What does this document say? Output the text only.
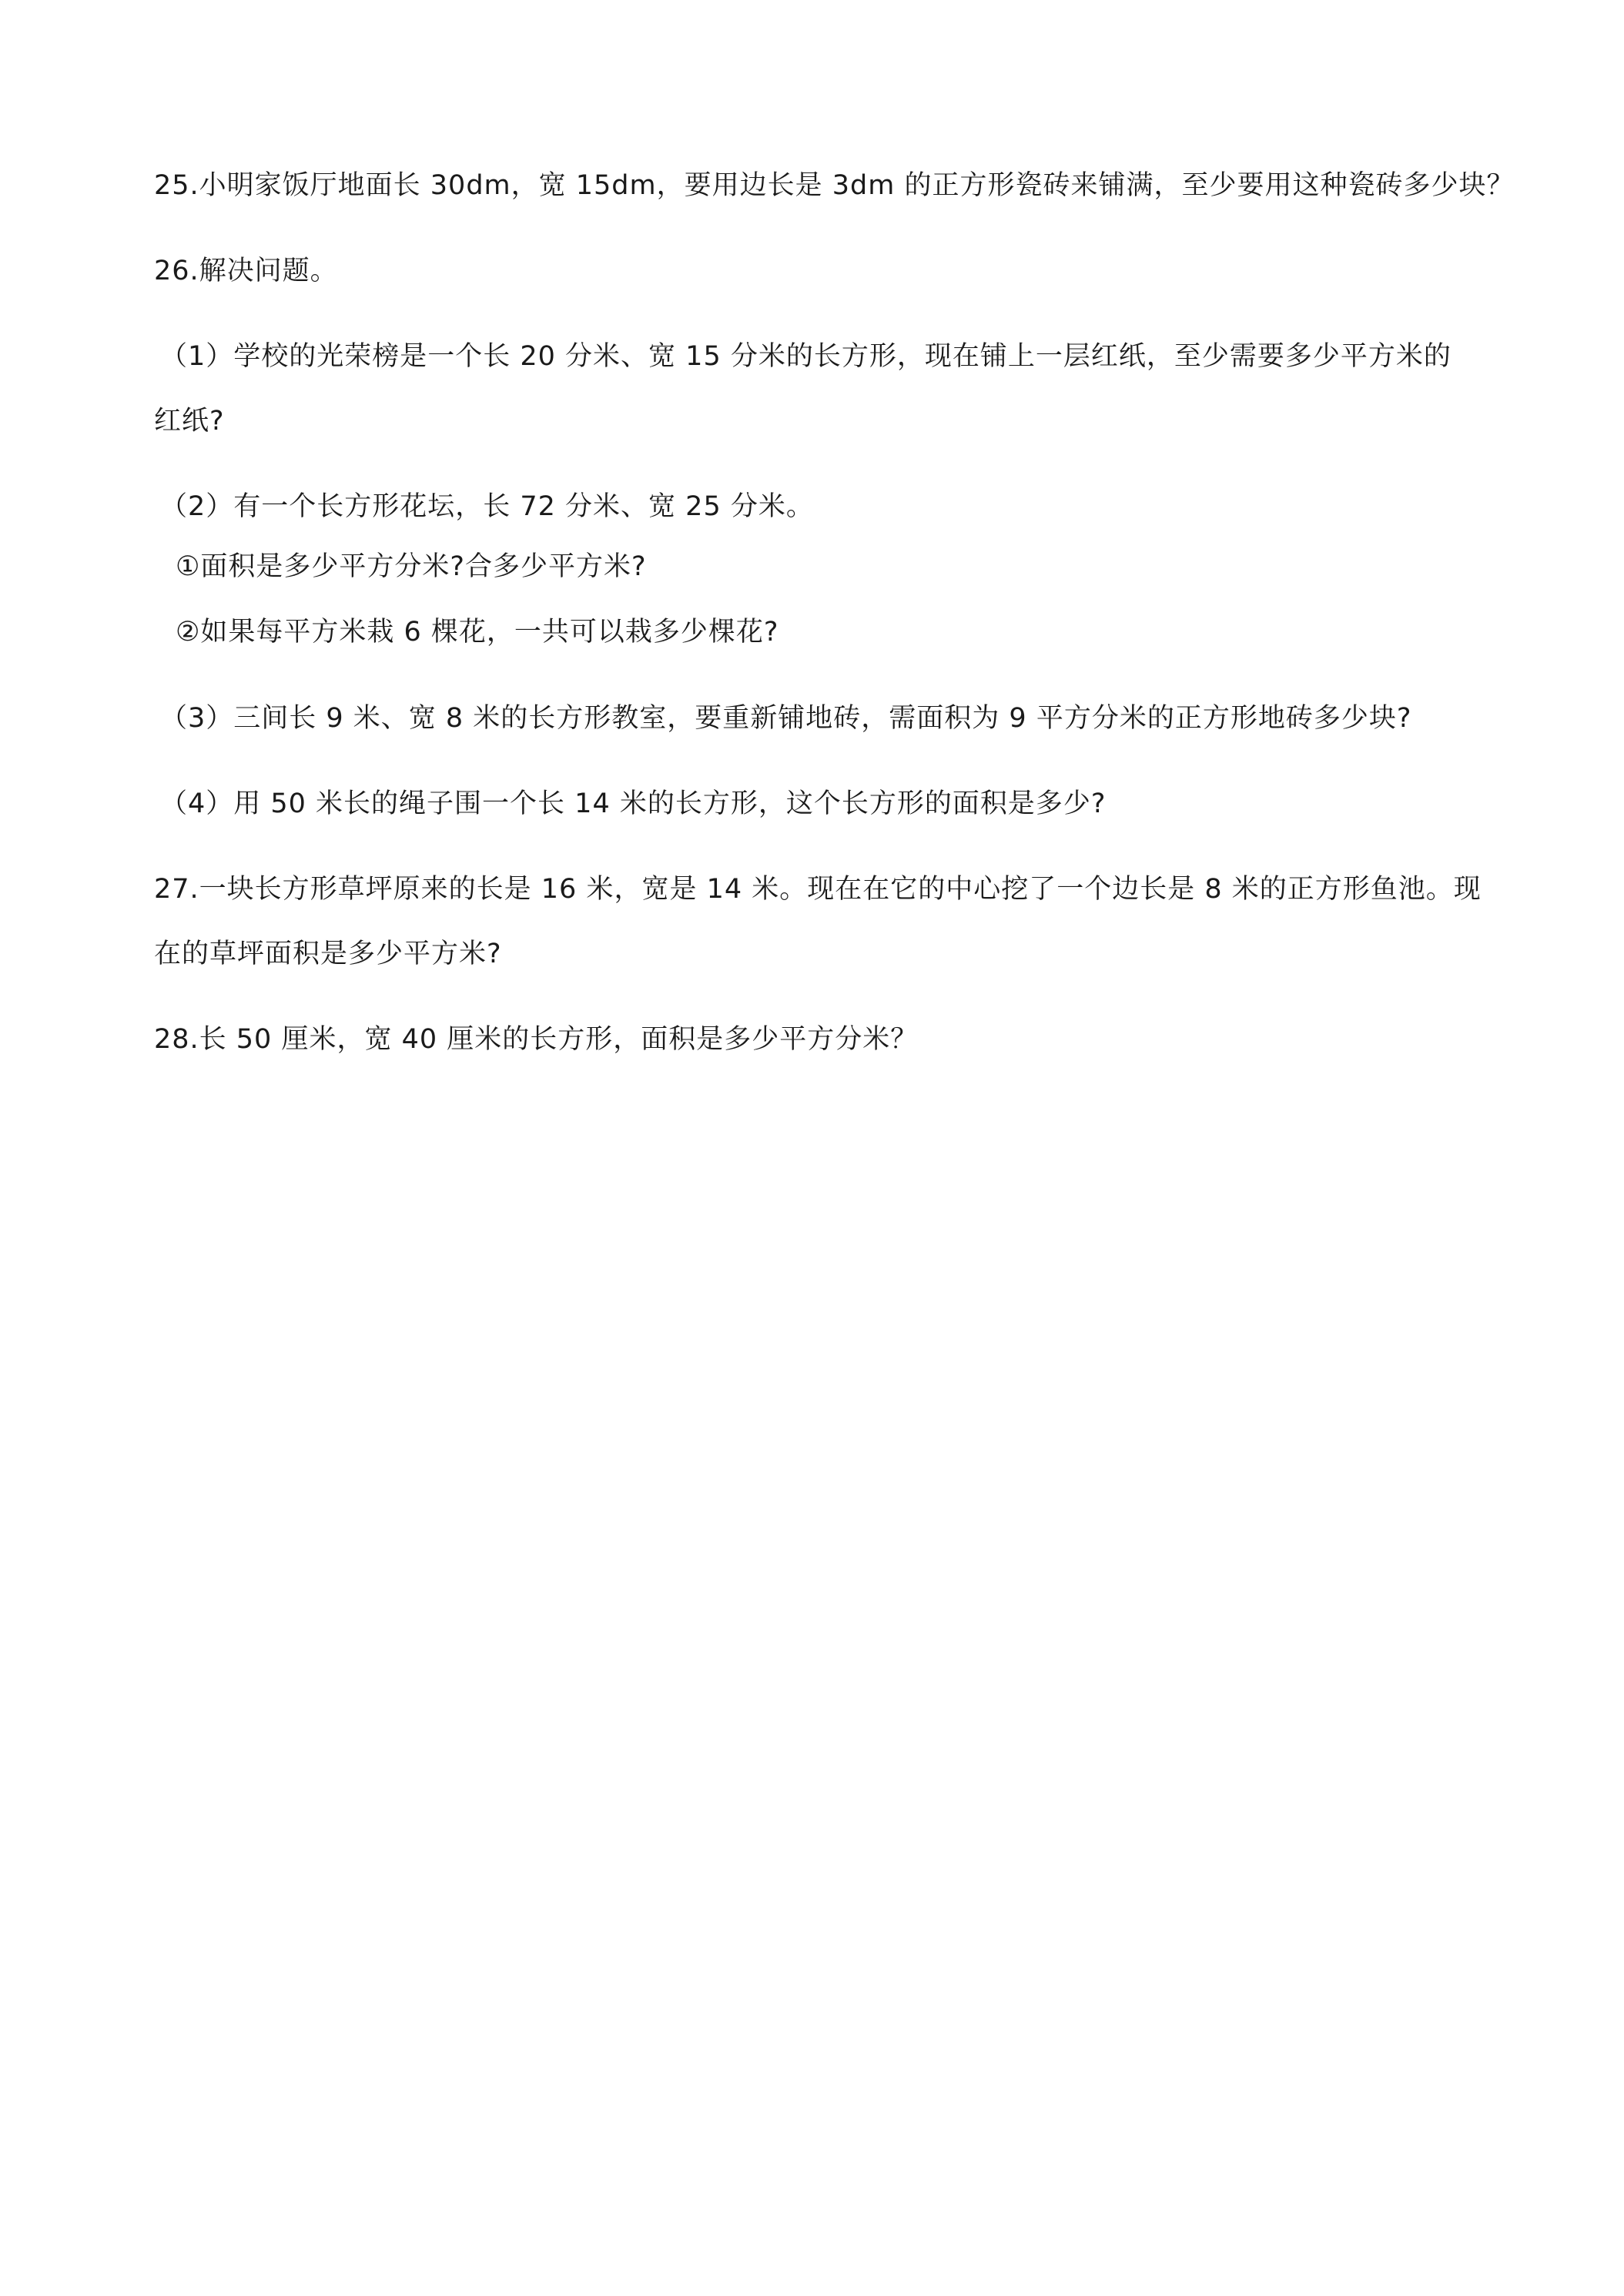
25.小明家饭厅地面长 30dm，宽 15dm，要用边长是 3dm 的正方形瓷砖来铺满，至少要用这种瓷砖多少块？
26.解决问题。
（1）学校的光荣榜是一个长 20 分米、宽 15 分米的长方形，现在铺上一层红纸，至少需要多少平方米的
红纸?
（2）有一个长方形花坛，长 72 分米、宽 25 分米。
①面积是多少平方分米?合多少平方米?
②如果每平方米栽 6 棵花，一共可以栽多少棵花?
（3）三间长 9 米、宽 8 米的长方形教室，要重新铺地砖，需面积为 9 平方分米的正方形地砖多少块?
（4）用 50 米长的绳子围一个长 14 米的长方形，这个长方形的面积是多少?
27.一块长方形草坪原来的长是 16 米，宽是 14 米。现在在它的中心挖了一个边长是 8 米的正方形鱼池。现
在的草坪面积是多少平方米?
28.长 50 厘米，宽 40 厘米的长方形，面积是多少平方分米？
